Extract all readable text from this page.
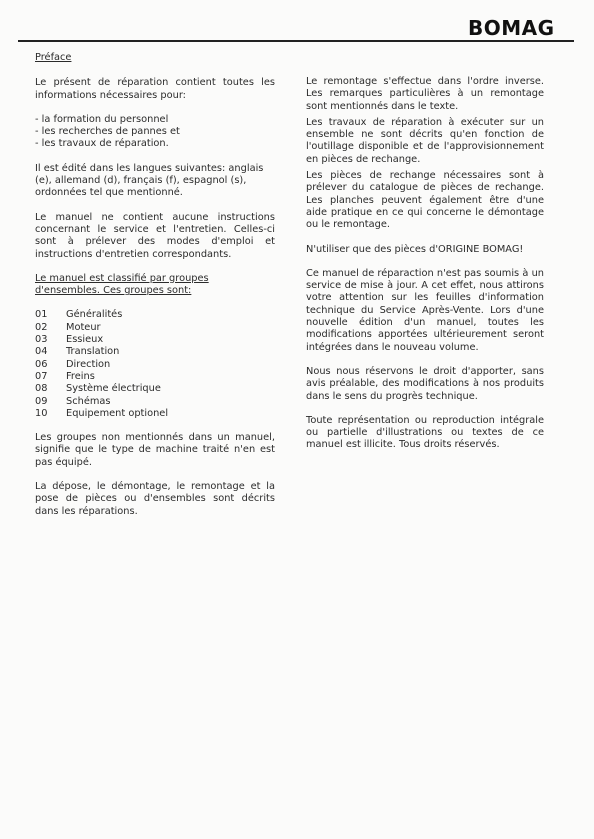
BOMAG

Préface

Le présent de réparation contient toutes les informations nécessaires pour:

- la formation du personnel
- les recherches de pannes et
- les travaux de réparation.

Il est édité dans les langues suivantes: anglais (e), allemand (d), français (f), espagnol (s), ordonnées tel que mentionné.

Le manuel ne contient aucune instructions concernant le service et l'entretien. Celles-ci sont à prélever des modes d'emploi et instructions d'entretien correspondants.

Le manuel est classifié par groupes d'ensembles. Ces groupes sont:

01	Généralités
02	Moteur
03	Essieux
04	Translation
06	Direction
07	Freins
08	Système électrique
09	Schémas
10	Equipement optionel

Les groupes non mentionnés dans un manuel, signifie que le type de machine traité n'en est pas équipé.

La dépose, le démontage, le remontage et la pose de pièces ou d'ensembles sont décrits dans les réparations.

Le remontage s'effectue dans l'ordre inverse. Les remarques particulières à un remontage sont mentionnés dans le texte.

Les travaux de réparation à exécuter sur un ensemble ne sont décrits qu'en fonction de l'outillage disponible et de l'approvisionnement en pièces de rechange.

Les pièces de rechange nécessaires sont à prélever du catalogue de pièces de rechange. Les planches peuvent également être d'une aide pratique en ce qui concerne le démontage ou le remontage.

N'utiliser que des pièces d'ORIGINE BOMAG!

Ce manuel de réparaction n'est pas soumis à un service de mise à jour. A cet effet, nous attirons votre attention sur les feuilles d'information technique du Service Après-Vente. Lors d'une nouvelle édition d'un manuel, toutes les modifications apportées ultérieurement seront intégrées dans le nouveau volume.

Nous nous réservons le droit d'apporter, sans avis préalable, des modifications à nos produits dans le sens du progrès technique.

Toute représentation ou reproduction intégrale ou partielle d'illustrations ou textes de ce manuel est illicite. Tous droits réservés.
